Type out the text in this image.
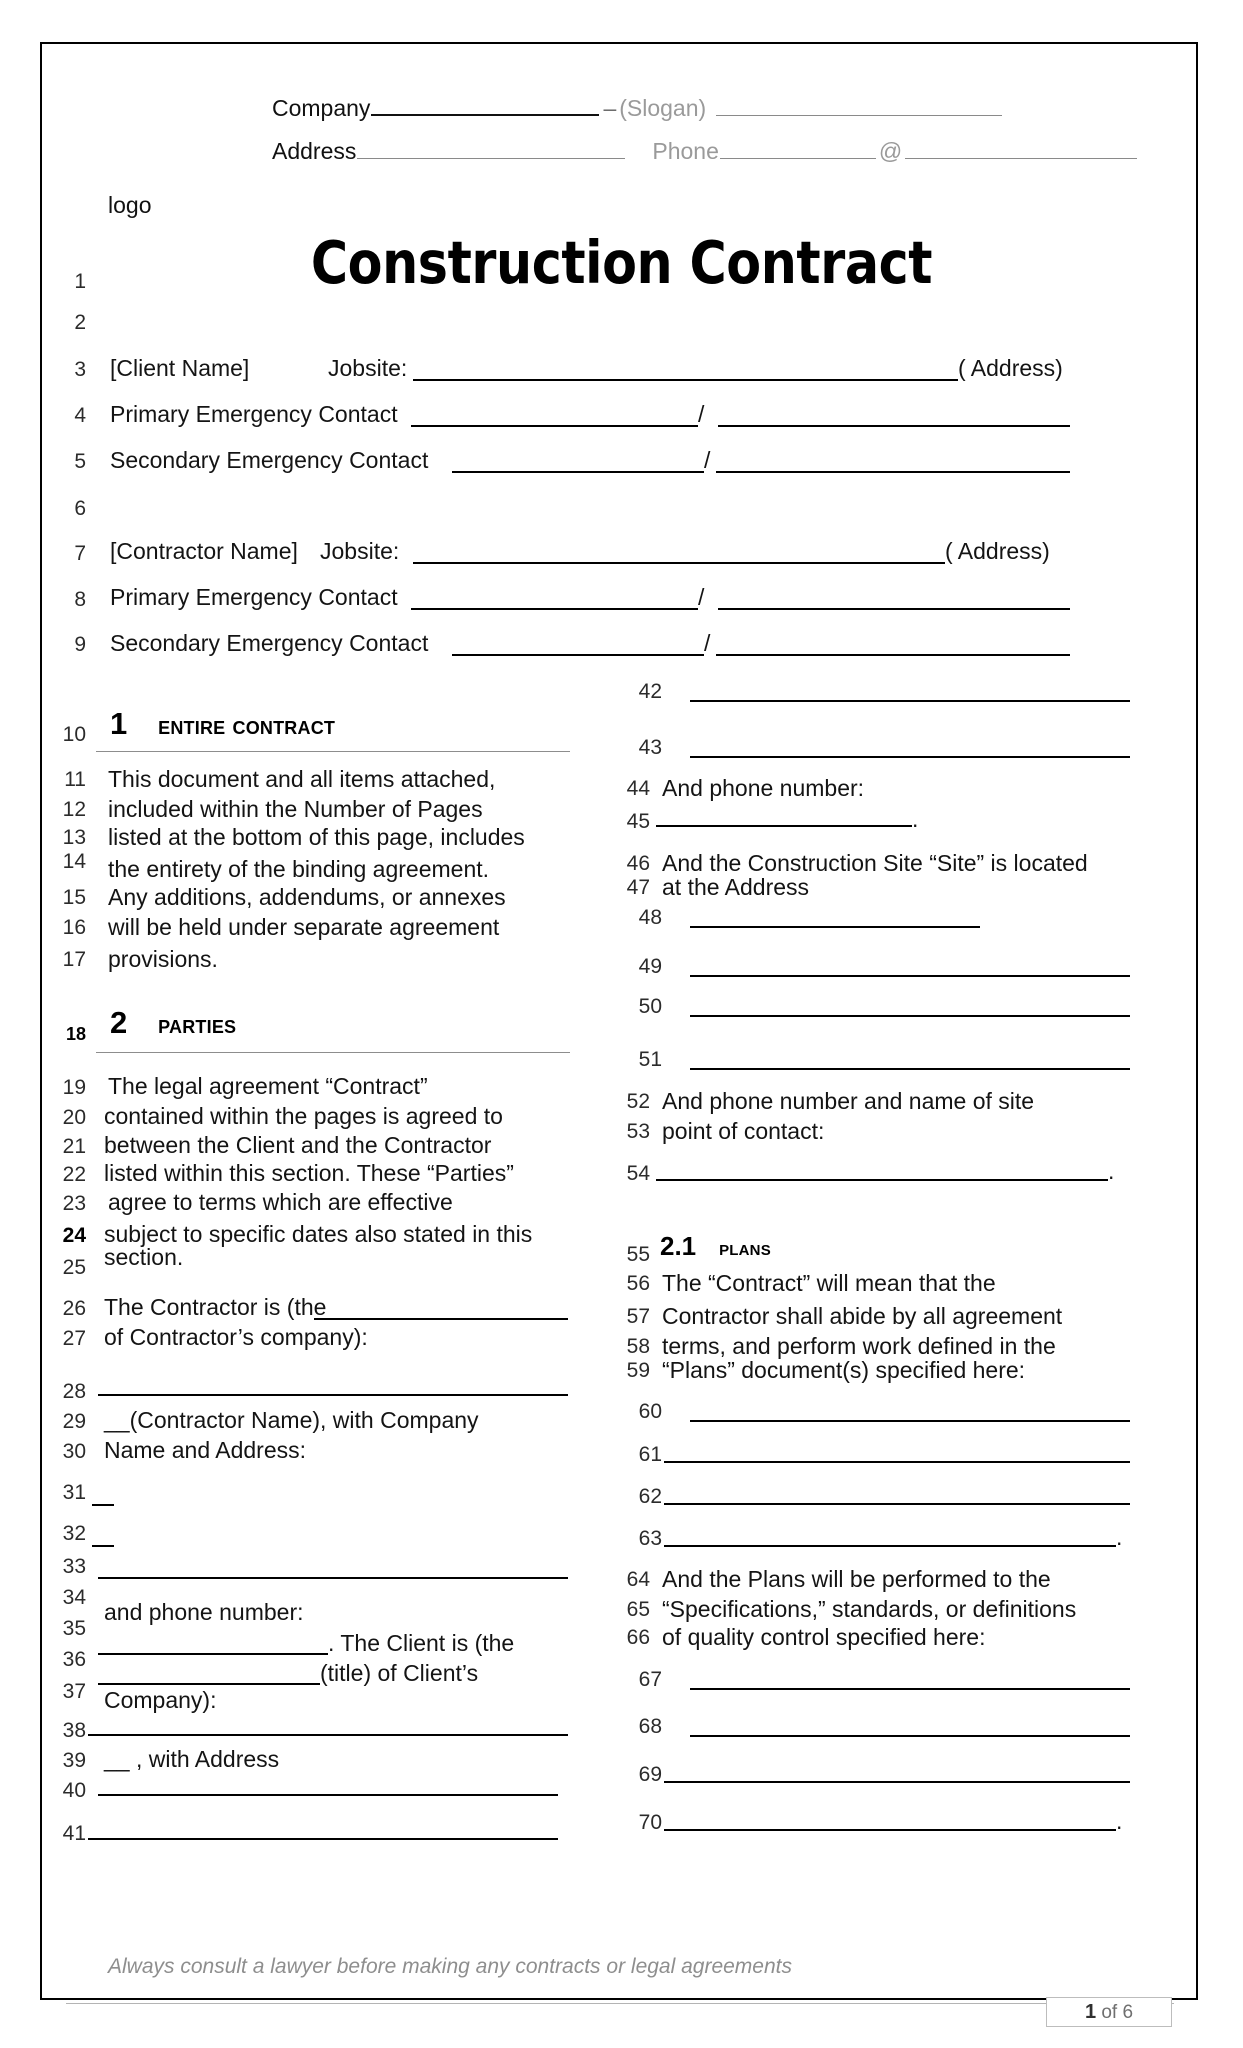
Company	– (Slogan)
Address	Phone	@
logo
Construction Contract
1
2
3
4
5
6
7
8
9
[Client Name]	Jobsite:	( Address)
Primary Emergency Contact	/
Secondary Emergency Contact	/
[Contractor Name] Jobsite:	( Address)
Primary Emergency Contact	/
Secondary Emergency Contact	/
10 1 entire contract
11 This document and all items attached,
12 included within the Number of Pages
13 listed at the bottom of this page, includes
14 the entirety of the binding agreement.
15 Any additions, addendums, or annexes
16 will be held under separate agreement
17 provisions.
18 2 parties
19 The legal agreement “Contract”
20 contained within the pages is agreed to
21 between the Client and the Contractor
22 listed within this section. These “Parties”
23 agree to terms which are effective
24 subject to specific dates also stated in this
25 section.
26 The Contractor is (the
27 of Contractor’s company):
28
29 __(Contractor Name), with Company
30 Name and Address:
31
32
33
34
and phone number:
35
36
. The Client is (the
37
(title) of Client’s
Company):
38
39 __ , with Address
40
41
42
43
44 And phone number:
45	.
46 And the Construction Site “Site” is located
47 at the Address
48
49
50
51
52 And phone number and name of site
53 point of contact:
54	.
55 2.1 plans
56 The “Contract” will mean that the
57 Contractor shall abide by all agreement
58 terms, and perform work defined in the
59 “Plans” document(s) specified here:
60
61
62
63	.
64 And the Plans will be performed to the
65 “Specifications,” standards, or definitions
66 of quality control specified here:
67
68
69
70	.
Always consult a lawyer before making any contracts or legal agreements
1 of 6
